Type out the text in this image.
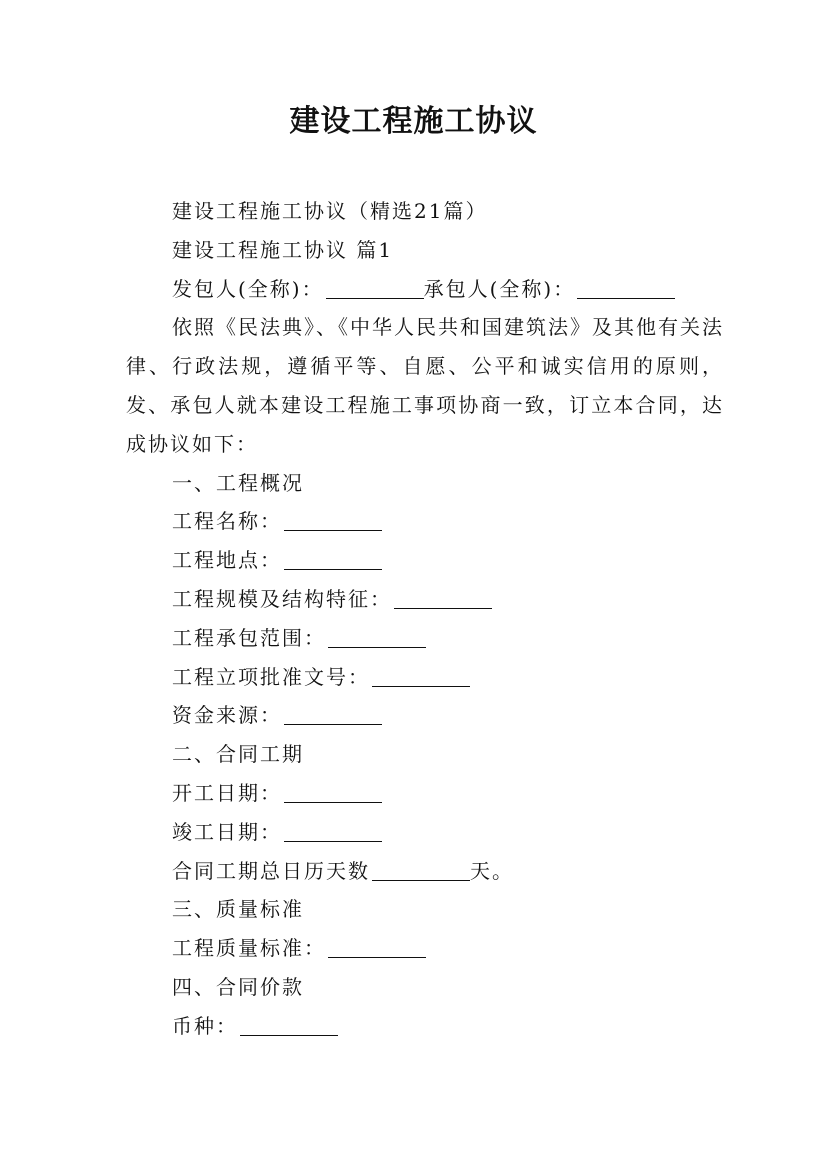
建设工程施工协议

建设工程施工协议（精选21篇）

建设工程施工协议 篇1

发包人(全称)：	承包人(全称)：

依照《民法典》、《中华人民共和国建筑法》及其他有关法律、行政法规，遵循平等、自愿、公平和诚实信用的原则，发、承包人就本建设工程施工事项协商一致，订立本合同，达成协议如下：

一、工程概况

工程名称：

工程地点：

工程规模及结构特征：

工程承包范围：

工程立项批准文号：

资金来源：

二、合同工期

开工日期：

竣工日期：

合同工期总日历天数	天。

三、质量标准

工程质量标准：

四、合同价款

币种：
